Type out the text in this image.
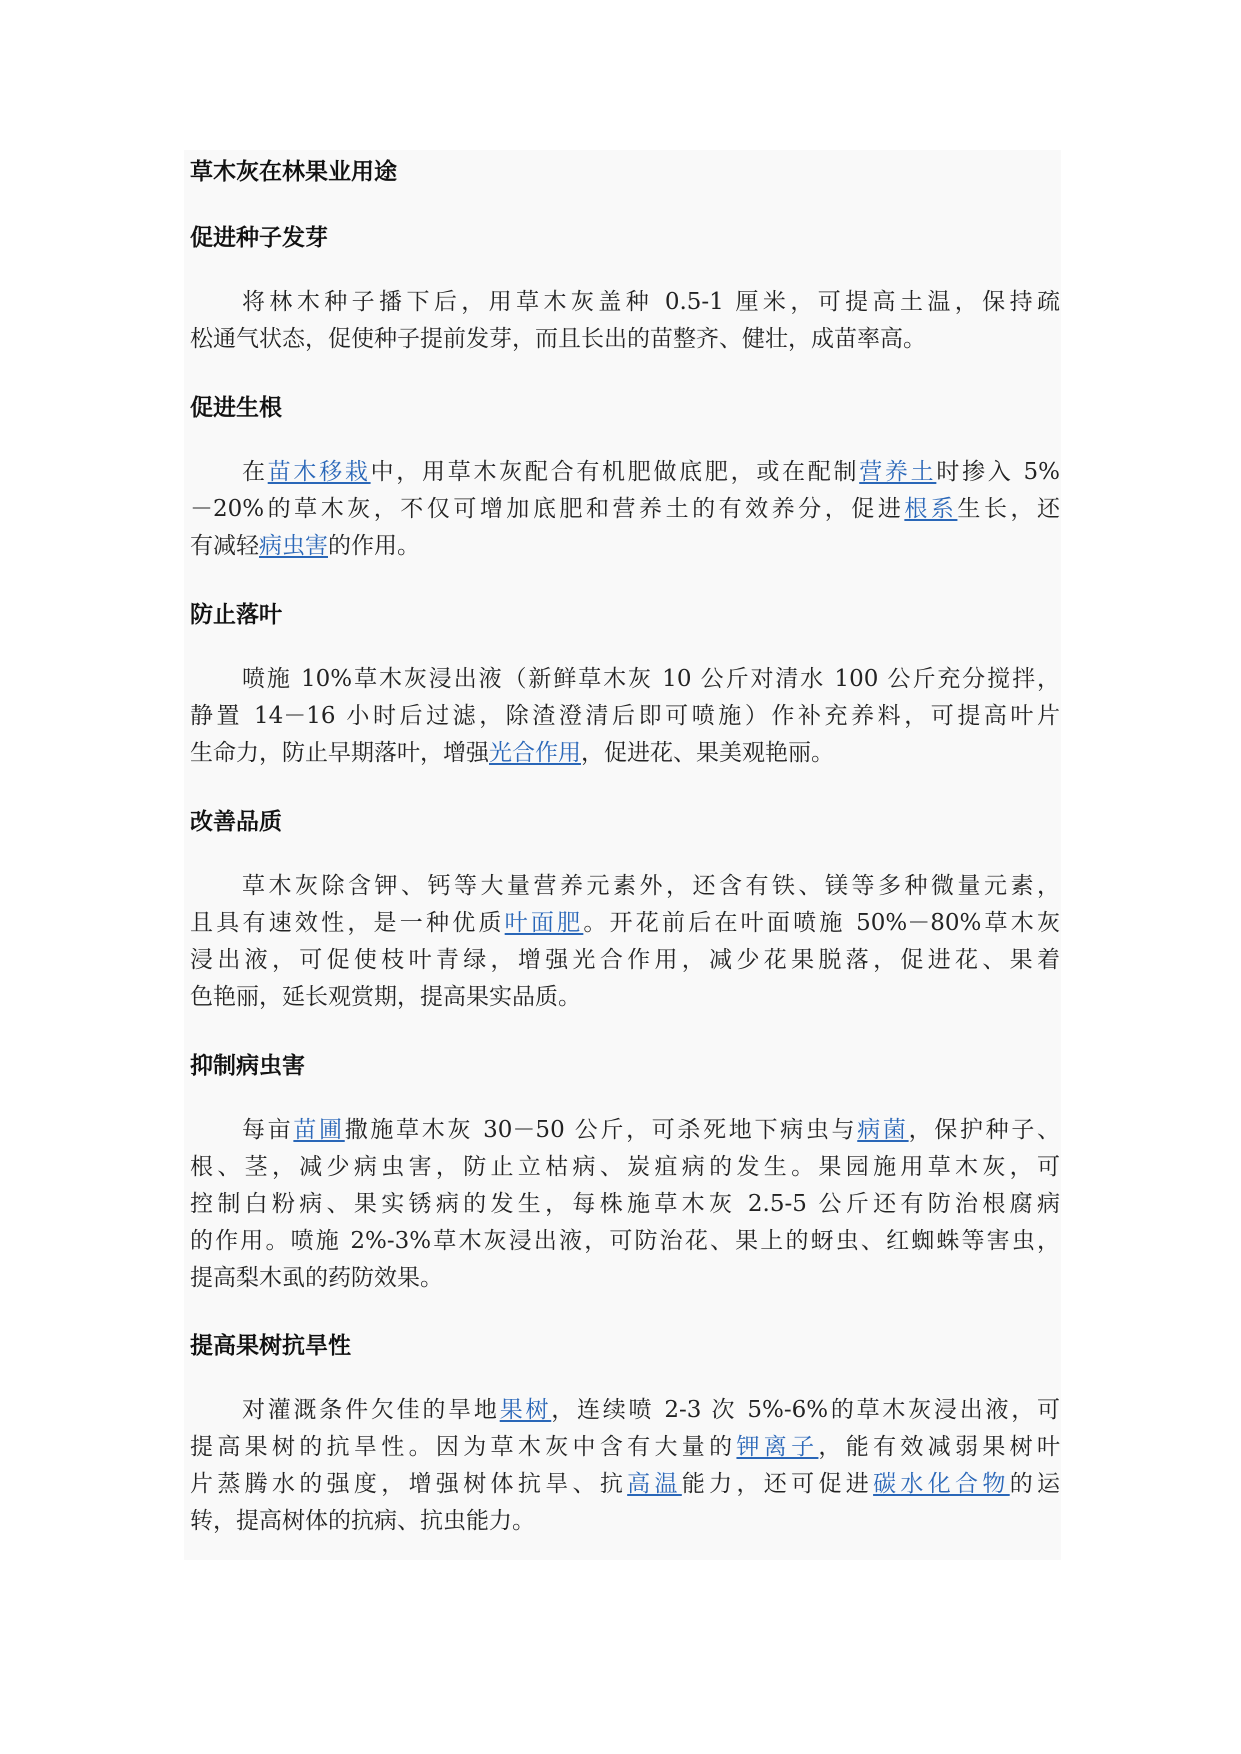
草木灰在林果业用途
促进种子发芽
将林木种子播下后，用草木灰盖种 0.5-1 厘米，可提高土温，保持疏
松通气状态，促使种子提前发芽，而且长出的苗整齐、健壮，成苗率高。
促进生根
在苗木移栽中，用草木灰配合有机肥做底肥，或在配制营养土时掺入 5%
－20%的草木灰，不仅可增加底肥和营养土的有效养分，促进根系生长，还
有减轻病虫害的作用。
防止落叶
喷施 10%草木灰浸出液（新鲜草木灰 10 公斤对清水 100 公斤充分搅拌，
静置 14－16 小时后过滤，除渣澄清后即可喷施）作补充养料，可提高叶片
生命力，防止早期落叶，增强光合作用，促进花、果美观艳丽。
改善品质
草木灰除含钾、钙等大量营养元素外，还含有铁、镁等多种微量元素，
且具有速效性，是一种优质叶面肥。开花前后在叶面喷施 50%－80%草木灰
浸出液，可促使枝叶青绿，增强光合作用，减少花果脱落，促进花、果着
色艳丽，延长观赏期，提高果实品质。
抑制病虫害
每亩苗圃撒施草木灰 30－50 公斤，可杀死地下病虫与病菌，保护种子、
根、茎，减少病虫害，防止立枯病、炭疽病的发生。果园施用草木灰，可
控制白粉病、果实锈病的发生，每株施草木灰 2.5-5 公斤还有防治根腐病
的作用。喷施 2%-3%草木灰浸出液，可防治花、果上的蚜虫、红蜘蛛等害虫，
提高梨木虱的药防效果。
提高果树抗旱性
对灌溉条件欠佳的旱地果树，连续喷 2-3 次 5%-6%的草木灰浸出液，可
提高果树的抗旱性。因为草木灰中含有大量的钾离子，能有效减弱果树叶
片蒸腾水的强度，增强树体抗旱、抗高温能力，还可促进碳水化合物的运
转，提高树体的抗病、抗虫能力。
